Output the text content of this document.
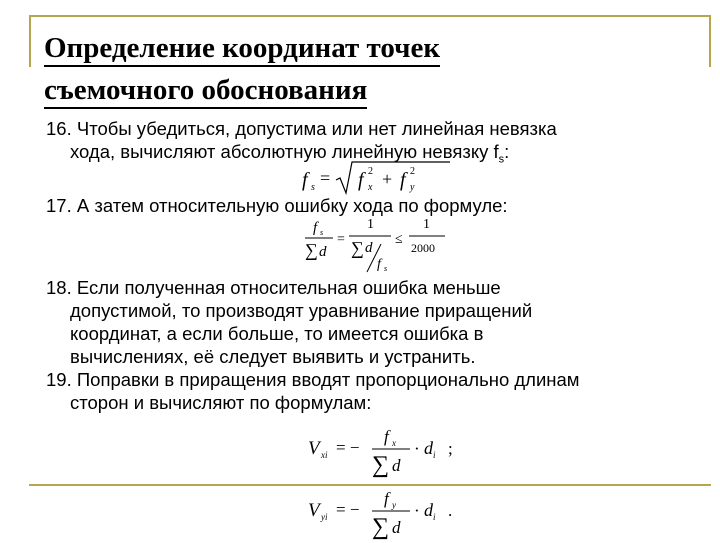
Определение координат точек
съемочного обоснования
16. Чтобы убедиться, допустима или нет линейная невязка
хода, вычисляют абсолютную линейную невязку $f_s$:
f s = f 2
x + f 2
y
17. А затем относительную ошибку хода по формуле:
f s
∑ d
=
1
∑ d
f s
≤
1
2000
18. Если полученная относительная ошибка меньше
допустимой, то производят уравнивание приращений
координат, а если больше, то имеется ошибка в
вычислениях, её следует выявить и устранить.
19. Поправки в приращения вводят пропорционально длинам
сторон и вычисляют по формулам:
V xi = −
f x
∑ d
· d i ;
V yi = −
f y
∑ d
· d i .
